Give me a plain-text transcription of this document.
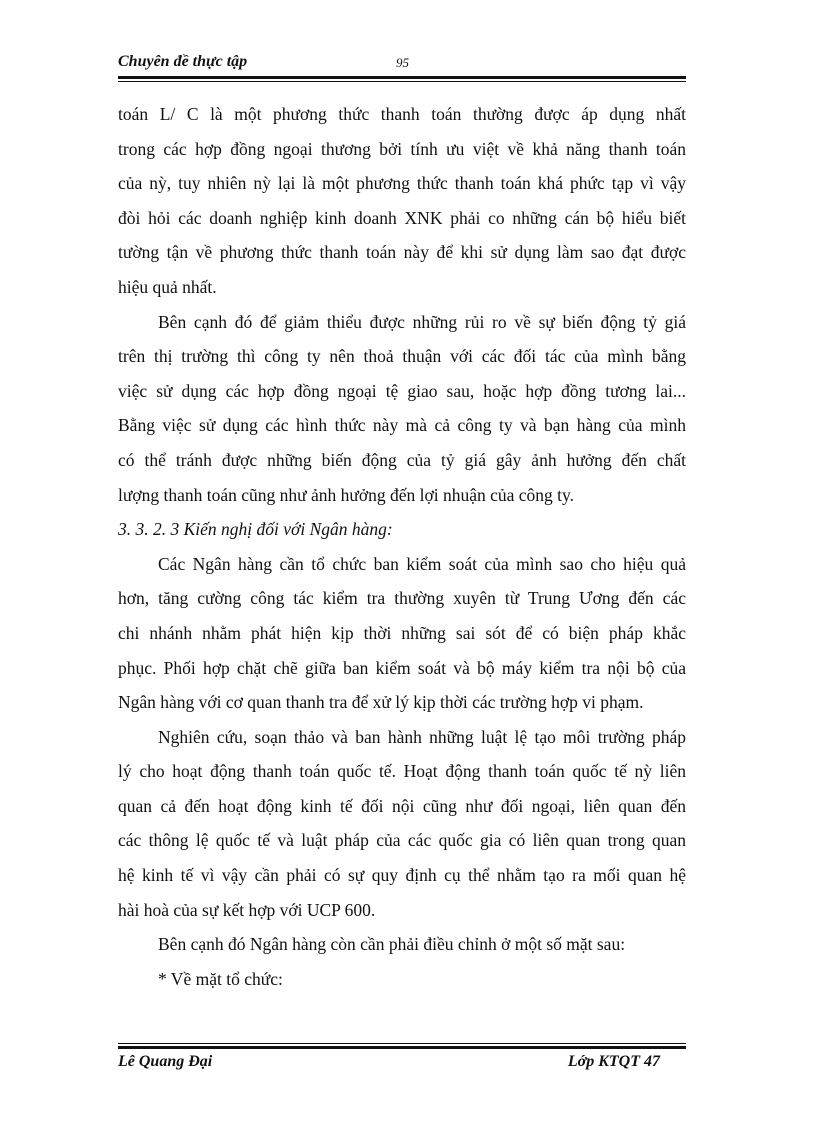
Chuyên đề thực tập	95
toán L/ C là một phương thức thanh toán thường được áp dụng nhất
trong các hợp đồng ngoại thương bởi tính ưu việt về khả năng thanh toán
của nỳ, tuy nhiên nỳ lại là một phương thức thanh toán khá phức tạp vì vậy
đòi hỏi các doanh nghiệp kinh doanh XNK phải co những cán bộ hiểu biết
tường tận về phương thức thanh toán này để khi sử dụng làm sao đạt được
hiệu quả nhất.
Bên cạnh đó để giảm thiểu được những rủi ro về sự biến động tỷ giá
trên thị trường thì công ty nên thoả thuận với các đối tác của mình bằng
việc sử dụng các hợp đồng ngoại tệ giao sau, hoặc hợp đồng tương lai...
Bằng việc sử dụng các hình thức này mà cả công ty và bạn hàng của mình
có thể tránh được những biến động của tỷ giá gây ảnh hưởng đến chất
lượng thanh toán cũng như ảnh hưởng đến lợi nhuận của công ty.
3. 3. 2. 3 Kiến nghị đối với Ngân hàng:
Các Ngân hàng cần tổ chức ban kiểm soát của mình sao cho hiệu quả
hơn, tăng cường công tác kiểm tra thường xuyên từ Trung Ương đến các
chi nhánh nhằm phát hiện kịp thời những sai sót để có biện pháp khắc
phục. Phối hợp chặt chẽ giữa ban kiểm soát và bộ máy kiểm tra nội bộ của
Ngân hàng với cơ quan thanh tra để xử lý kịp thời các trường hợp vi phạm.
Nghiên cứu, soạn thảo và ban hành những luật lệ tạo môi trường pháp
lý cho hoạt động thanh toán quốc tế. Hoạt động thanh toán quốc tế nỳ liên
quan cả đến hoạt động kinh tế đối nội cũng như đối ngoại, liên quan đến
các thông lệ quốc tế và luật pháp của các quốc gia có liên quan trong quan
hệ kinh tế vì vậy cần phải có sự quy định cụ thể nhằm tạo ra mối quan hệ
hài hoà của sự kết hợp với UCP 600.
Bên cạnh đó Ngân hàng còn cần phải điều chỉnh ở một số mặt sau:
* Về mặt tổ chức:
Lê Quang Đại	Lớp KTQT 47
